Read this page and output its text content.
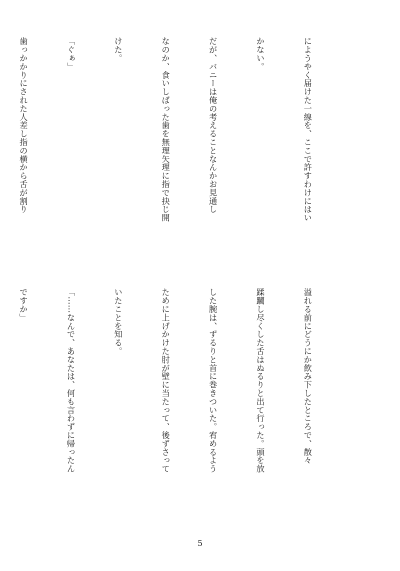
にようやく届けた一線を、ここで許すわけにはい

かない。

だが、バニーは俺の考えることなんかお見通し

なのか、食いしばった歯を無理矢理に指で抉じ開

けた。

「ぐぁ」

歯っかかりにされた人差し指の横から舌が割り

溢れる前にどうにか飲み下したところで、散々

蹂躙し尽くした舌はぬるりと出て行った。頭を放

した腕は、ずるりと首に巻きついた。宥めるよう

ために上げかけた肘が壁に当たって、後ずさって

いたことを知る。

「……なんで、あなたは、何も言わずに帰ったん

ですか」

5
